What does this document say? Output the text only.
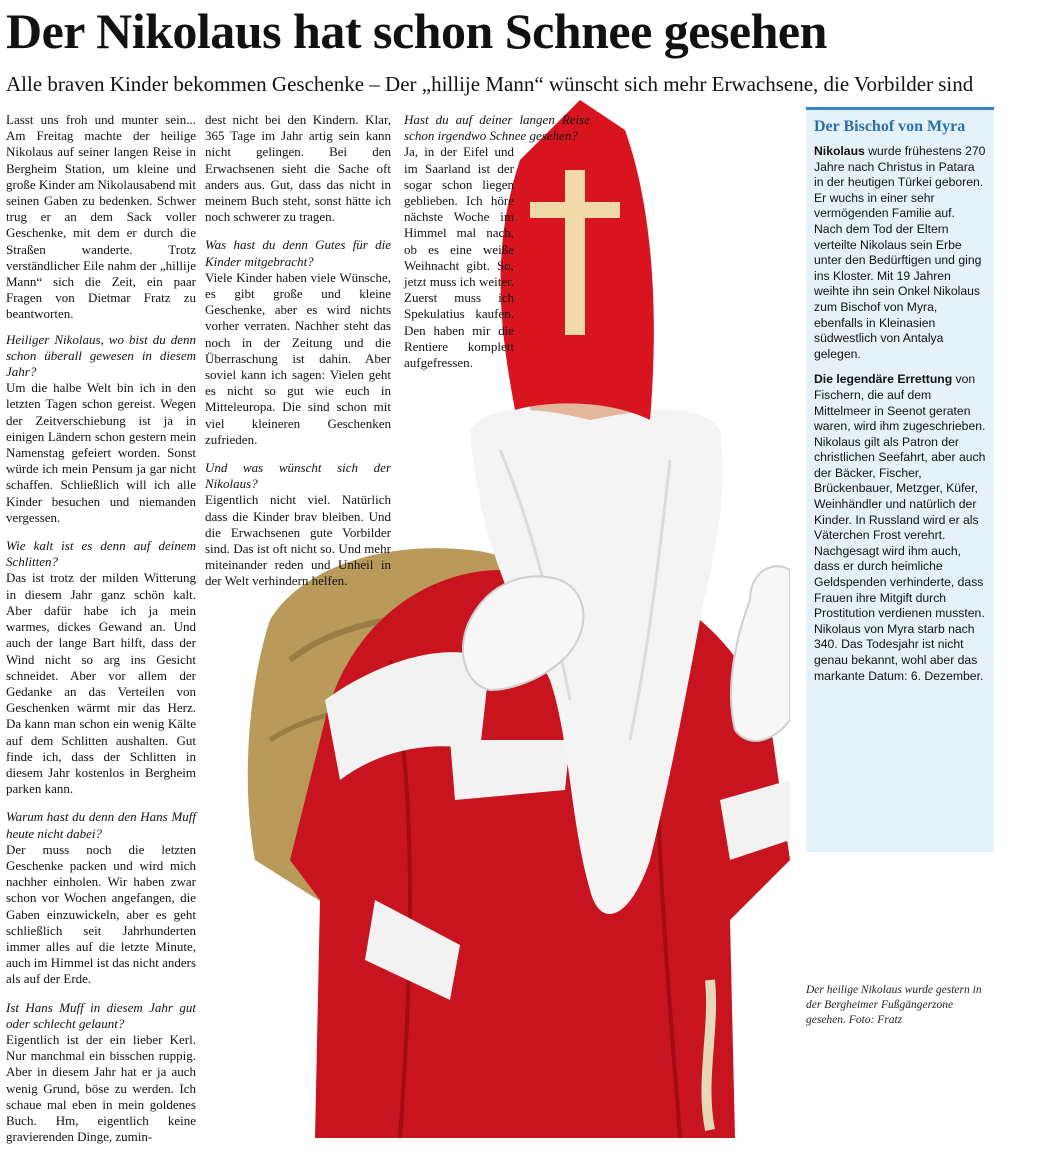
Der Nikolaus hat schon Schnee gesehen
Alle braven Kinder bekommen Geschenke – Der „hillije Mann“ wünscht sich mehr Erwachsene, die Vorbilder sind

Lasst uns froh und munter sein... Am Freitag machte der heilige Nikolaus auf seiner langen Reise in Bergheim Station, um kleine und große Kinder am Nikolausabend mit seinen Gaben zu bedenken. Schwer trug er an dem Sack voller Geschenke, mit dem er durch die Straßen wanderte. Trotz verständlicher Eile nahm der „hillije Mann“ sich die Zeit, ein paar Fragen von Dietmar Fratz zu beantworten.

Heiliger Nikolaus, wo bist du denn schon überall gewesen in diesem Jahr?

Um die halbe Welt bin ich in den letzten Tagen schon gereist. Wegen der Zeitverschiebung ist ja in einigen Ländern schon gestern mein Namenstag gefeiert worden. Sonst würde ich mein Pensum ja gar nicht schaffen. Schließlich will ich alle Kinder besuchen und niemanden vergessen.

Wie kalt ist es denn auf deinem Schlitten?

Das ist trotz der milden Witterung in diesem Jahr ganz schön kalt. Aber dafür habe ich ja mein warmes, dickes Gewand an. Und auch der lange Bart hilft, dass der Wind nicht so arg ins Gesicht schneidet. Aber vor allem der Gedanke an das Verteilen von Geschenken wärmt mir das Herz. Da kann man schon ein wenig Kälte auf dem Schlitten aushalten. Gut finde ich, dass der Schlitten in diesem Jahr kostenlos in Bergheim parken kann.

Warum hast du denn den Hans Muff heute nicht dabei?

Der muss noch die letzten Geschenke packen und wird mich nachher einholen. Wir haben zwar schon vor Wochen angefangen, die Gaben einzuwickeln, aber es geht schließlich seit Jahrhunderten immer alles auf die letzte Minute, auch im Himmel ist das nicht anders als auf der Erde.

Ist Hans Muff in diesem Jahr gut oder schlecht gelaunt?

Eigentlich ist der ein lieber Kerl. Nur manchmal ein bisschen ruppig. Aber in diesem Jahr hat er ja auch wenig Grund, böse zu werden. Ich schaue mal eben in mein goldenes Buch. Hm, eigentlich keine gravierenden Dinge, zumin-

dest nicht bei den Kindern. Klar, 365 Tage im Jahr artig sein kann nicht gelingen. Bei den Erwachsenen sieht die Sache oft anders aus. Gut, dass das nicht in meinem Buch steht, sonst hätte ich noch schwerer zu tragen.

Was hast du denn Gutes für die Kinder mitgebracht?

Viele Kinder haben viele Wünsche, es gibt große und kleine Geschenke, aber es wird nichts vorher verraten. Nachher steht das noch in der Zeitung und die Überraschung ist dahin. Aber soviel kann ich sagen: Vielen geht es nicht so gut wie euch in Mitteleuropa. Die sind schon mit viel kleineren Geschenken zufrieden.

Und was wünscht sich der Nikolaus?

Eigentlich nicht viel. Natürlich dass die Kinder brav bleiben. Und die Erwachsenen gute Vorbilder sind. Das ist oft nicht so. Und mehr miteinander reden und Unheil in der Welt verhindern helfen.

Hast du auf deiner langen Reise schon irgendwo Schnee gesehen?

Ja, in der Eifel und im Saarland ist der sogar schon liegen geblieben. Ich höre nächste Woche im Himmel mal nach, ob es eine weiße Weihnacht gibt. So, jetzt muss ich weiter. Zuerst muss ich Spekulatius kaufen. Den haben mir die Rentiere komplett aufgefressen.

Der Bischof von Myra

Nikolaus wurde frühestens 270 Jahre nach Christus in Patara in der heutigen Türkei geboren. Er wuchs in einer sehr vermögenden Familie auf. Nach dem Tod der Eltern verteilte Nikolaus sein Erbe unter den Bedürftigen und ging ins Kloster. Mit 19 Jahren weihte ihn sein Onkel Nikolaus zum Bischof von Myra, ebenfalls in Kleinasien südwestlich von Antalya gelegen.

Die legendäre Errettung von Fischern, die auf dem Mittelmeer in Seenot geraten waren, wird ihm zugeschrieben. Nikolaus gilt als Patron der christlichen Seefahrt, aber auch der Bäcker, Fischer, Brückenbauer, Metzger, Küfer, Weinhändler und natürlich der Kinder. In Russland wird er als Väterchen Frost verehrt. Nachgesagt wird ihm auch, dass er durch heimliche Geldspenden verhinderte, dass Frauen ihre Mitgift durch Prostitution verdienen mussten. Nikolaus von Myra starb nach 340. Das Todesjahr ist nicht genau bekannt, wohl aber das markante Datum: 6. Dezember.

Der heilige Nikolaus wurde gestern in der Bergheimer Fußgängerzone gesehen. Foto: Fratz
